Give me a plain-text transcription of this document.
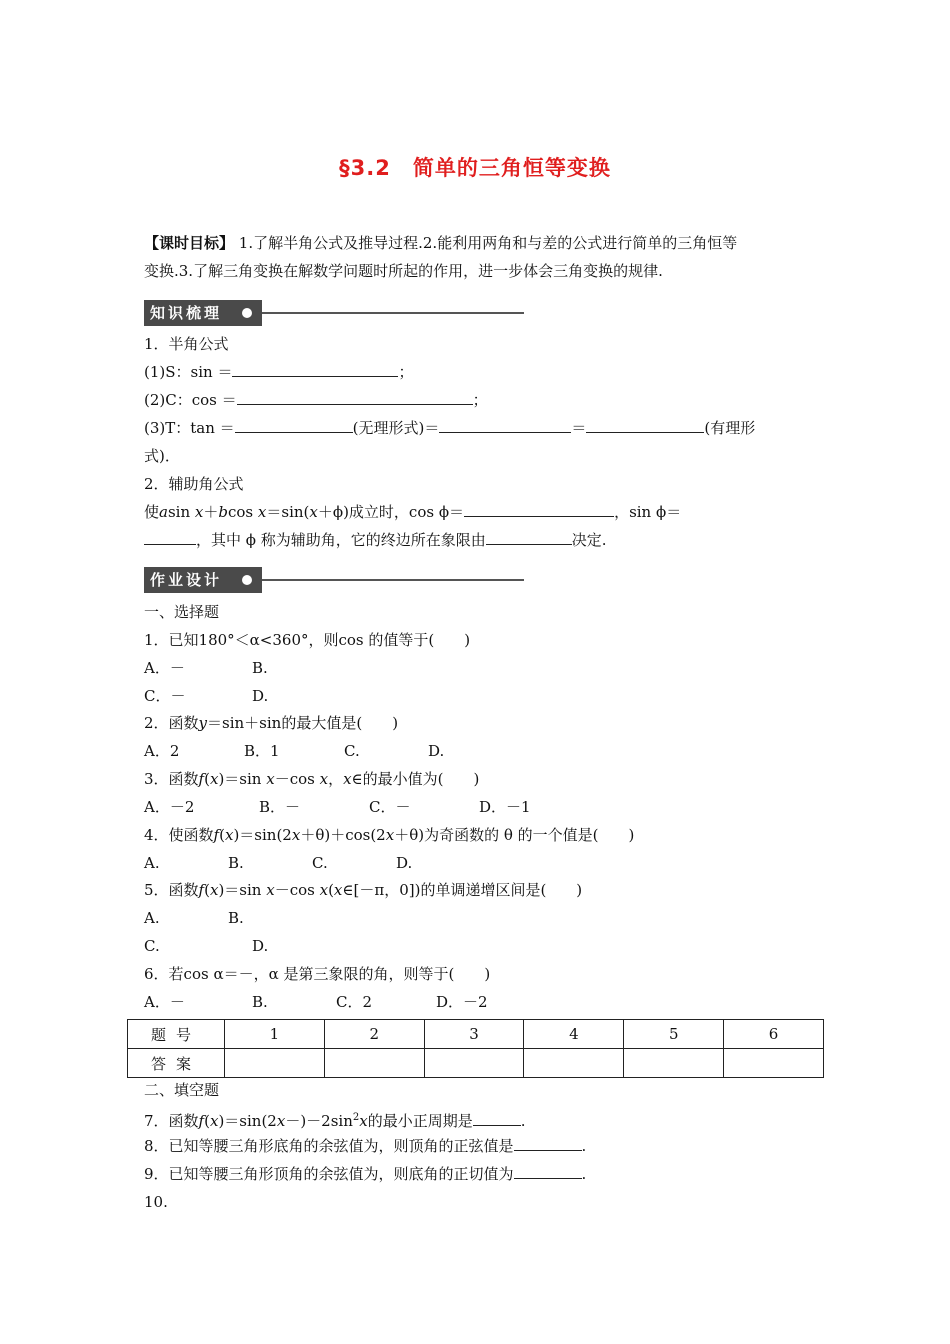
§3.2　简单的三角恒等变换
【课时目标】 1.了解半角公式及推导过程.2.能利用两角和与差的公式进行简单的三角恒等
变换.3.了解三角变换在解数学问题时所起的作用，进一步体会三角变换的规律.
知识梳理
1．半角公式
(1)S：sin ＝	；
(2)C：cos ＝	；
(3)T：tan ＝	(无理形式)＝	＝	(有理形
式)．
2．辅助角公式
使asin x＋bcos x＝sin(x＋ϕ)成立时，cos ϕ＝	，sin ϕ＝
，其中 ϕ 称为辅助角，它的终边所在象限由	决定.
作业设计
一、选择题
1．已知180°＜α<360°，则cos 的值等于(　　)
A．－	B.
C．－	D.
2．函数y＝sin＋sin的最大值是(　　)
A．2	B．1	C.	D.
3．函数f(x)＝sin x－cos x，x∈的最小值为(　　)
A．－2	B．－	C．－	D．－1
4．使函数f(x)＝sin(2x＋θ)＋cos(2x＋θ)为奇函数的 θ 的一个值是(　　)
A.	B.	C.	D.
5．函数f(x)＝sin x－cos x(x∈[－π，0])的单调递增区间是(　　)
A.	B.
C.	D.
6．若cos α＝－，α 是第三象限的角，则等于(　　)
A．－	B.	C．2	D．－2
题号	1	2	3	4	5	6
答案						
二、填空题
7．函数$f(x)=\sin(2x-)-2\sin^2x$的最小正周期是	.
8．已知等腰三角形底角的余弦值为，则顶角的正弦值是	.
9．已知等腰三角形顶角的余弦值为，则底角的正切值为	.
10.
